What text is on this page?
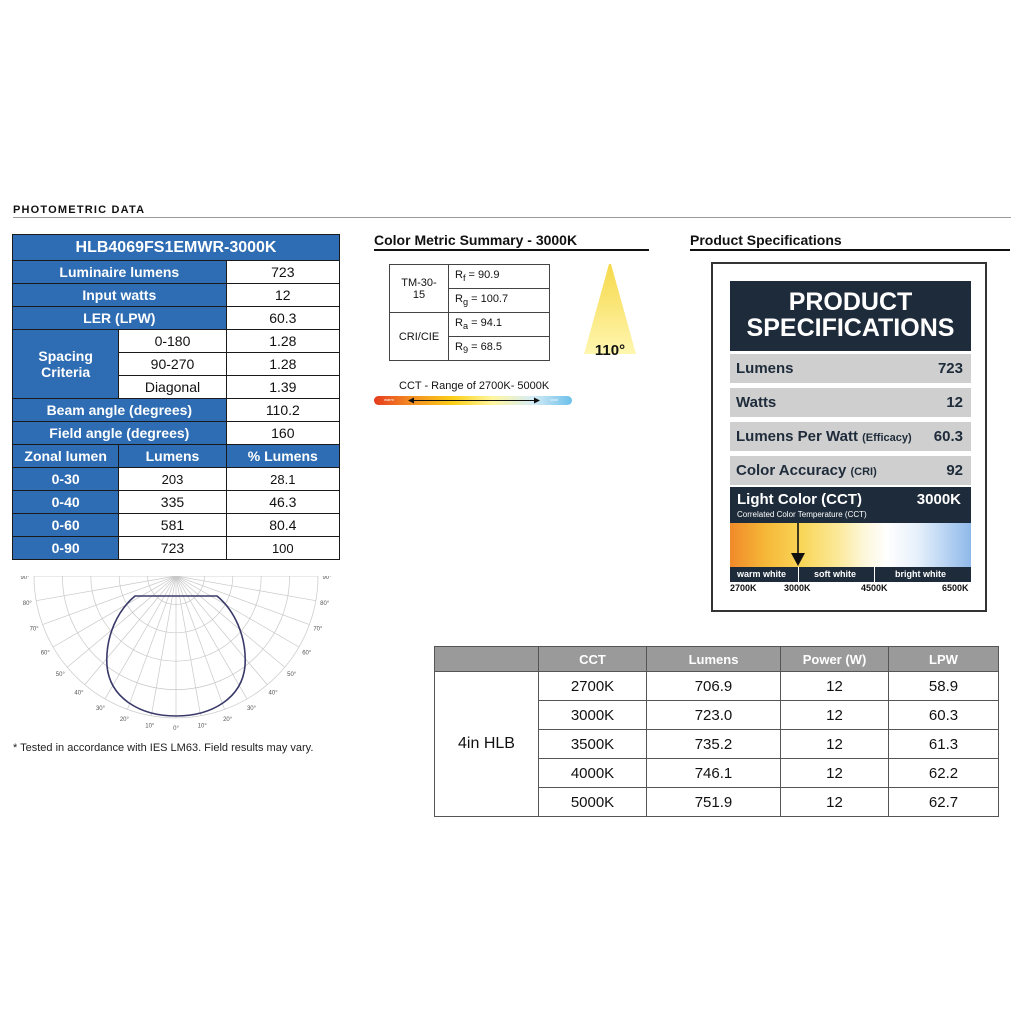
PHOTOMETRIC DATA
HLB4069FS1EMWR-3000K		
Luminaire lumens		723
Input watts		12
LER (LPW)		60.3
Spacing
Criteria	0-180	1.28
	90-270	1.28
	Diagonal	1.39
Beam angle (degrees)		110.2
Field angle (degrees)		160
Zonal lumen	Lumens	% Lumens
0-30	203	28.1
0-40	335	46.3
0-60	581	80.4
0-90	723	100
90°
90°
80°
80°
70°
70°
60°
60°
50°
50°
40°
40°
30°
30°
20°
20°
10°
10°	0°
* Tested in accordance with IES LM63. Field results may vary.
Color Metric Summary - 3000K
TM-30-15	$R_f = 90.9$
	$R_g = 100.7$
CRI/CIE	$R_a = 94.1$
	$R_9 = 68.5$	110°
CCT - Range of 2700K- 5000K
warm	cool
Product Specifications
PRODUCT
SPECIFICATIONS
Lumens	723
Watts	12
Lumens Per Watt (Efficacy) 60.3
Color Accuracy (CRI)	92
Light Color (CCT)
Correlated Color Temperature (CCT)
3000K
warm white	soft white	bright white
2700K	3000K	4500K	6500K
	CCT	Lumens	Power (W)	LPW
4in HLB	2700K	706.9	12	58.9
	3000K	723.0	12	60.3
	3500K	735.2	12	61.3
	4000K	746.1	12	62.2
	5000K	751.9	12	62.7
